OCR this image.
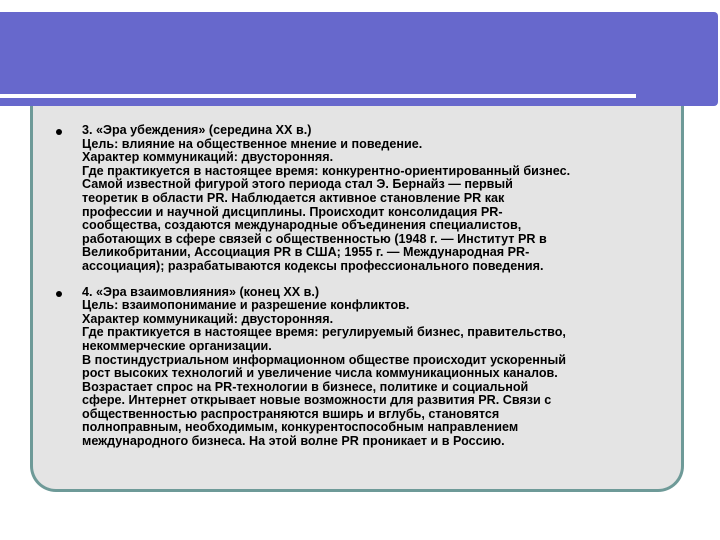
3. «Эра убеждения» (середина XX в.)
Цель: влияние на общественное мнение и поведение.
Характер коммуникаций: двусторонняя.
Где практикуется в настоящее время: конкурентно-ориентированный бизнес.
Самой известной фигурой этого периода стал Э. Бернайз — первый
теоретик в области PR. Наблюдается активное становление PR как
профессии и научной дисциплины. Происходит консолидация PR-
сообщества, создаются международные объединения специалистов,
работающих в сфере связей с общественностью (1948 г. — Институт PR в
Великобритании, Ассоциация PR в США; 1955 г. — Международная PR-
ассоциация); разрабатываются кодексы профессионального поведения.
4. «Эра взаимовлияния» (конец XX в.)
Цель: взаимопонимание и разрешение конфликтов.
Характер коммуникаций: двусторонняя.
Где практикуется в настоящее время: регулируемый бизнес, правительство,
некоммерческие организации.
В постиндустриальном информационном обществе происходит ускоренный
рост высоких технологий и увеличение числа коммуникационных каналов.
Возрастает спрос на PR-технологии в бизнесе, политике и социальной
сфере. Интернет открывает новые возможности для развития PR. Связи с
общественностью распространяются вширь и вглубь, становятся
полноправным, необходимым, конкурентоспособным направлением
международного бизнеса. На этой волне PR проникает и в Россию.
